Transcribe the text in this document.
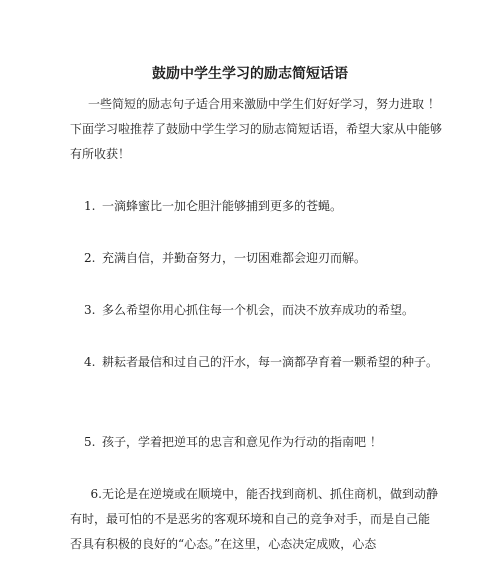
鼓励中学生学习的励志简短话语

一些简短的励志句子适合用来激励中学生们好好学习，努力进取 ！下面学习啦推荐了鼓励中学生学习的励志简短话语，希望大家从中能够有所收获！

1. 一滴蜂蜜比一加仑胆汁能够捕到更多的苍蝇。
2. 充满自信，并勤奋努力，一切困难都会迎刃而解。
3. 多么希望你用心抓住每一个机会，而决不放弃成功的希望。
4. 耕耘者最信和过自己的汗水，每一滴都孕育着一颗希望的种子。
5. 孩子，学着把逆耳的忠言和意见作为行动的指南吧 ！
6.无论是在逆境或在顺境中，能否找到商机、抓住商机，做到动静有时，最可怕的不是恶劣的客观环境和自己的竞争对手，而是自己能否具有积极的良好的“心态。”在这里，心态决定成败，心态
